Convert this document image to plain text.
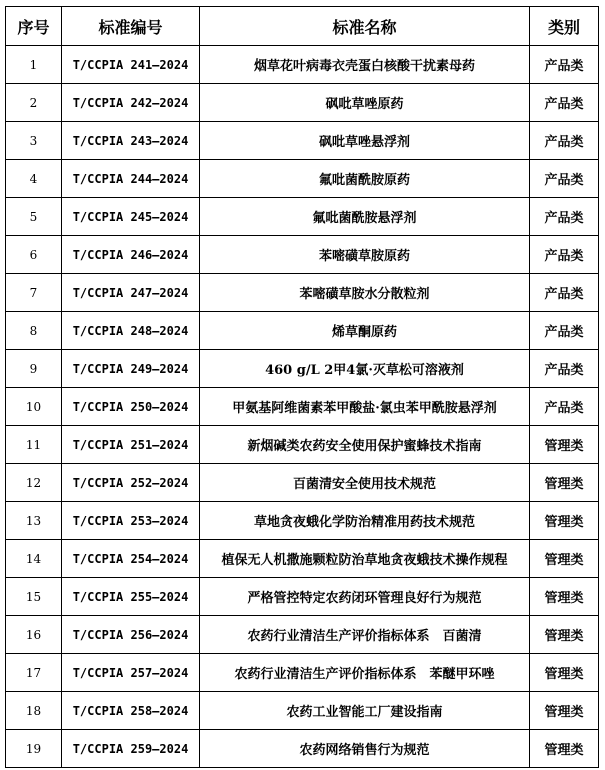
序号	标准编号	标准名称	类别
1	T/CCPIA 241—2024	烟草花叶病毒衣壳蛋白核酸干扰素母药	产品类
2	T/CCPIA 242—2024	砜吡草唑原药	产品类
3	T/CCPIA 243—2024	砜吡草唑悬浮剂	产品类
4	T/CCPIA 244—2024	氟吡菌酰胺原药	产品类
5	T/CCPIA 245—2024	氟吡菌酰胺悬浮剂	产品类
6	T/CCPIA 246—2024	苯嘧磺草胺原药	产品类
7	T/CCPIA 247—2024	苯嘧磺草胺水分散粒剂	产品类
8	T/CCPIA 248—2024	烯草酮原药	产品类
9	T/CCPIA 249—2024	460 g/L 2甲4氯·灭草松可溶液剂	产品类
10	T/CCPIA 250—2024	甲氨基阿维菌素苯甲酸盐·氯虫苯甲酰胺悬浮剂	产品类
11	T/CCPIA 251—2024	新烟碱类农药安全使用保护蜜蜂技术指南	管理类
12	T/CCPIA 252—2024	百菌清安全使用技术规范	管理类
13	T/CCPIA 253—2024	草地贪夜蛾化学防治精准用药技术规范	管理类
14	T/CCPIA 254—2024	植保无人机撒施颗粒防治草地贪夜蛾技术操作规程	管理类
15	T/CCPIA 255—2024	严格管控特定农药闭环管理良好行为规范	管理类
16	T/CCPIA 256—2024	农药行业清洁生产评价指标体系　百菌清	管理类
17	T/CCPIA 257—2024	农药行业清洁生产评价指标体系　苯醚甲环唑	管理类
18	T/CCPIA 258—2024	农药工业智能工厂建设指南	管理类
19	T/CCPIA 259—2024	农药网络销售行为规范	管理类
